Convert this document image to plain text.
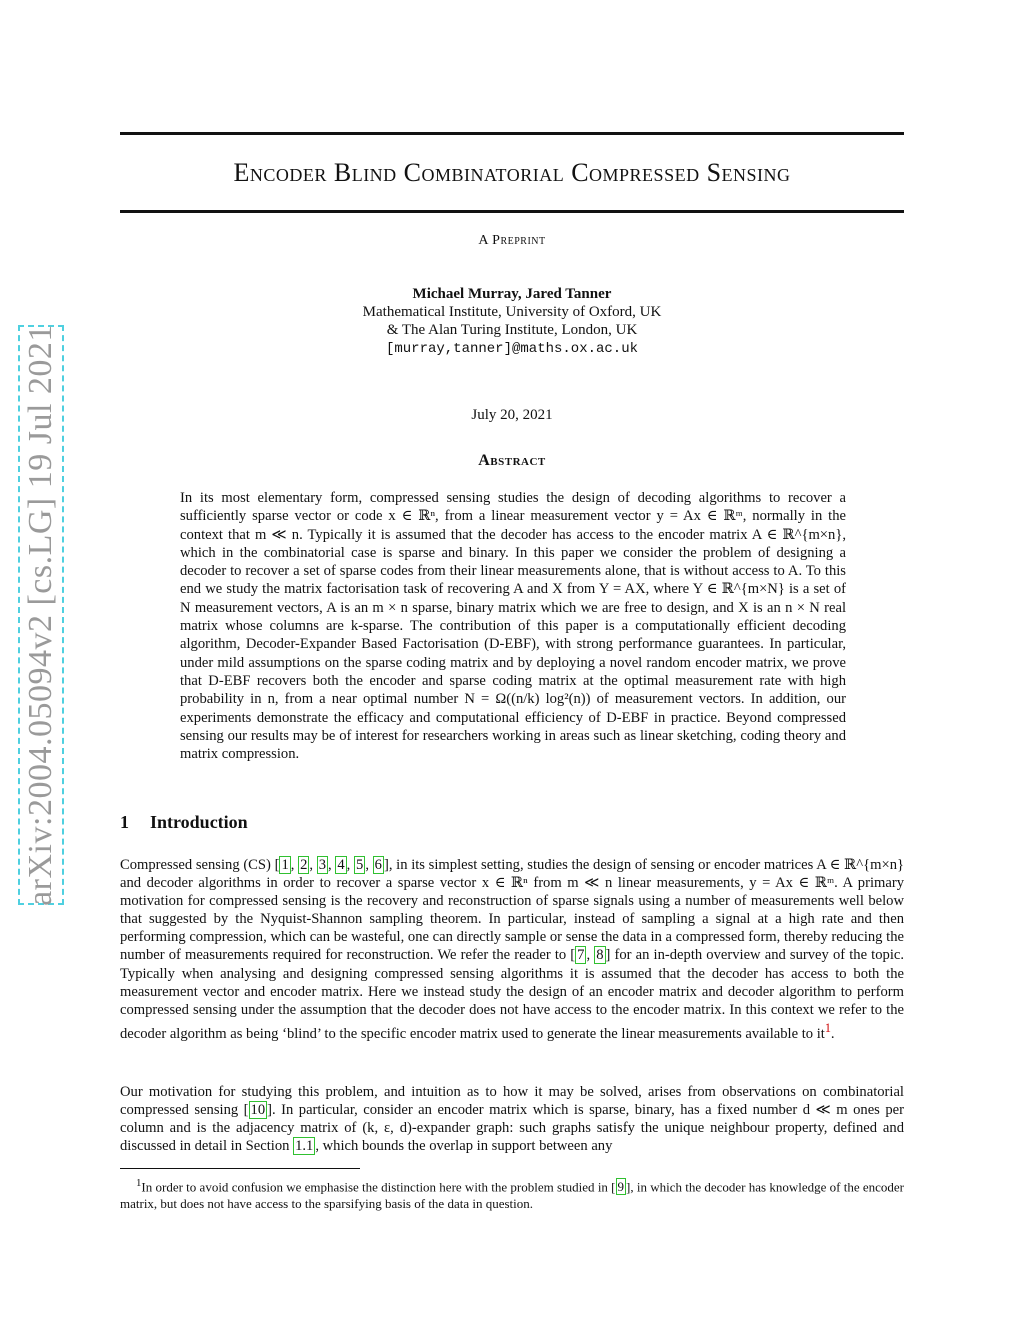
arXiv:2004.05094v2 [cs.LG] 19 Jul 2021
Encoder Blind Combinatorial Compressed Sensing
A Preprint
Michael Murray, Jared Tanner
Mathematical Institute, University of Oxford, UK
& The Alan Turing Institute, London, UK
[murray,tanner]@maths.ox.ac.uk
July 20, 2021
Abstract

In its most elementary form, compressed sensing studies the design of decoding algorithms to recover a sufficiently sparse vector or code x ∈ ℝⁿ, from a linear measurement vector y = Ax ∈ ℝᵐ, normally in the context that m ≪ n. Typically it is assumed that the decoder has access to the encoder matrix A ∈ ℝ^{m×n}, which in the combinatorial case is sparse and binary. In this paper we consider the problem of designing a decoder to recover a set of sparse codes from their linear measurements alone, that is without access to A. To this end we study the matrix factorisation task of recovering A and X from Y = AX, where Y ∈ ℝ^{m×N} is a set of N measurement vectors, A is an m × n sparse, binary matrix which we are free to design, and X is an n × N real matrix whose columns are k-sparse. The contribution of this paper is a computationally efficient decoding algorithm, Decoder-Expander Based Factorisation (D-EBF), with strong performance guarantees. In particular, under mild assumptions on the sparse coding matrix and by deploying a novel random encoder matrix, we prove that D-EBF recovers both the encoder and sparse coding matrix at the optimal measurement rate with high probability in n, from a near optimal number N = Ω((n/k) log²(n)) of measurement vectors. In addition, our experiments demonstrate the efficacy and computational efficiency of D-EBF in practice. Beyond compressed sensing our results may be of interest for researchers working in areas such as linear sketching, coding theory and matrix compression.

1 Introduction

Compressed sensing (CS) [ 1 , 2 , 3 , 4 , 5 , 6 ], in its simplest setting, studies the design of sensing or encoder matrices A ∈ ℝ^{m×n} and decoder algorithms in order to recover a sparse vector x ∈ ℝⁿ from m ≪ n linear measurements, y = Ax ∈ ℝᵐ. A primary motivation for compressed sensing is the recovery and reconstruction of sparse signals using a number of measurements well below that suggested by the Nyquist-Shannon sampling theorem. In particular, instead of sampling a signal at a high rate and then performing compression, which can be wasteful, one can directly sample or sense the data in a compressed form, thereby reducing the number of measurements required for reconstruction. We refer the reader to [ 7 , 8 ] for an in-depth overview and survey of the topic. Typically when analysing and designing compressed sensing algorithms it is assumed that the decoder has access to both the measurement vector and encoder matrix. Here we instead study the design of an encoder matrix and decoder algorithm to perform compressed sensing under the assumption that the decoder does not have access to the encoder matrix. In this context we refer to the decoder algorithm as being ‘blind’ to the specific encoder matrix used to generate the linear measurements available to it$^1$.

Our motivation for studying this problem, and intuition as to how it may be solved, arises from observations on combinatorial compressed sensing [ 10 ]. In particular, consider an encoder matrix which is sparse, binary, has a fixed number d ≪ m ones per column and is the adjacency matrix of (k, ε, d)-expander graph: such graphs satisfy the unique neighbour property, defined and discussed in detail in Section 1.1 , which bounds the overlap in support between any

$^1$In order to avoid confusion we emphasise the distinction here with the problem studied in [ 9 ], in which the decoder has knowledge of the encoder matrix, but does not have access to the sparsifying basis of the data in question.
